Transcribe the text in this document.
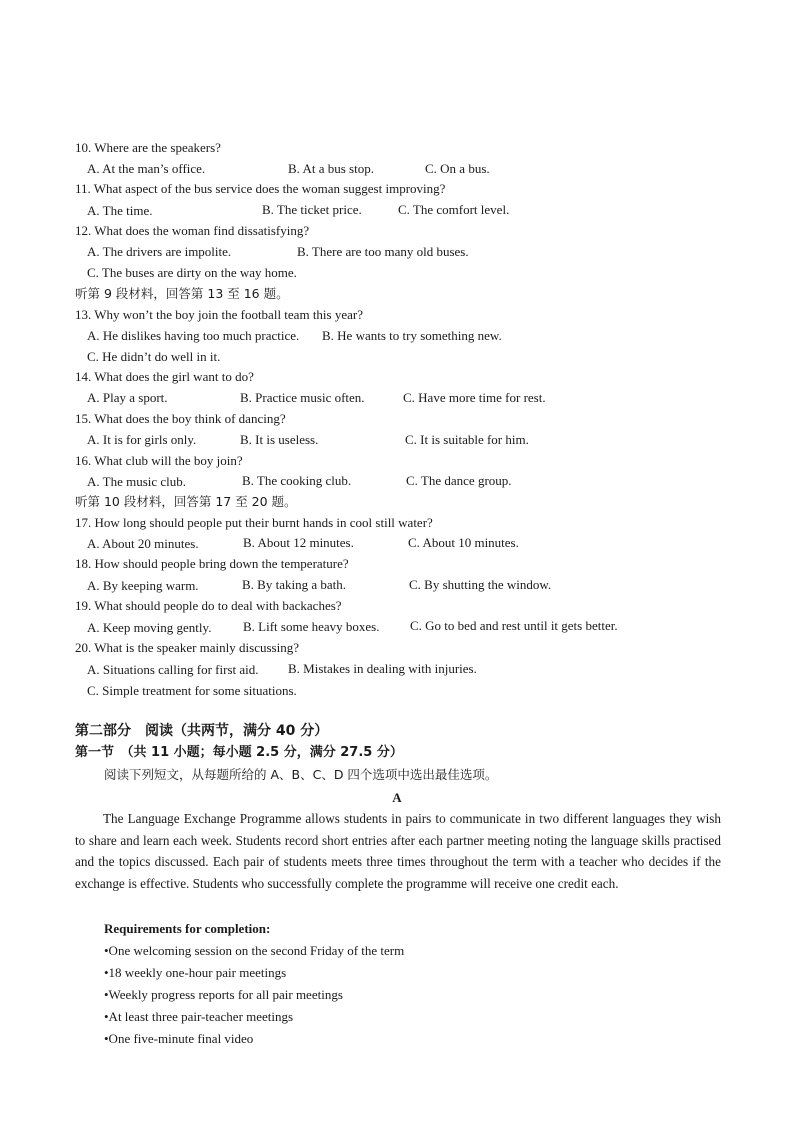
10. Where are the speakers?
A. At the man’s office.	B. At a bus stop.	C. On a bus.
11. What aspect of the bus service does the woman suggest improving?
A. The time.	B. The ticket price.	C. The comfort level.
12. What does the woman find dissatisfying?
A. The drivers are impolite.	B. There are too many old buses.
C. The buses are dirty on the way home.
听第 9 段材料，回答第 13 至 16 题。
13. Why won’t the boy join the football team this year?
A. He dislikes having too much practice. B. He wants to try something new.
C. He didn’t do well in it.
14. What does the girl want to do?
A. Play a sport.	B. Practice music often.	C. Have more time for rest.
15. What does the boy think of dancing?
A. It is for girls only.	B. It is useless.	C. It is suitable for him.
16. What club will the boy join?
A. The music club.	B. The cooking club.	C. The dance group.
听第 10 段材料，回答第 17 至 20 题。
17. How long should people put their burnt hands in cool still water?
A. About 20 minutes.	B. About 12 minutes.	C. About 10 minutes.
18. How should people bring down the temperature?
A. By keeping warm.	B. By taking a bath.	C. By shutting the window.
19. What should people do to deal with backaches?
A. Keep moving gently. B. Lift some heavy boxes. C. Go to bed and rest until it gets better.
20. What is the speaker mainly discussing?
A. Situations calling for first aid. B. Mistakes in dealing with injuries.
C. Simple treatment for some situations.
第二部分　阅读（共两节，满分 40 分）
第一节　（共 11 小题；每小题 2.5 分，满分 27.5 分）
阅读下列短文，从每题所给的 A、B、C、D 四个选项中选出最佳选项。
A
The Language Exchange Programme allows students in pairs to communicate in two different languages they wish to share and learn each week. Students record short entries after each partner meeting noting the language skills practised and the topics discussed. Each pair of students meets three times throughout the term with a teacher who decides if the exchange is effective. Students who successfully complete the programme will receive one credit each.
Requirements for completion:
•One welcoming session on the second Friday of the term
•18 weekly one-hour pair meetings
•Weekly progress reports for all pair meetings
•At least three pair-teacher meetings
•One five-minute final video
